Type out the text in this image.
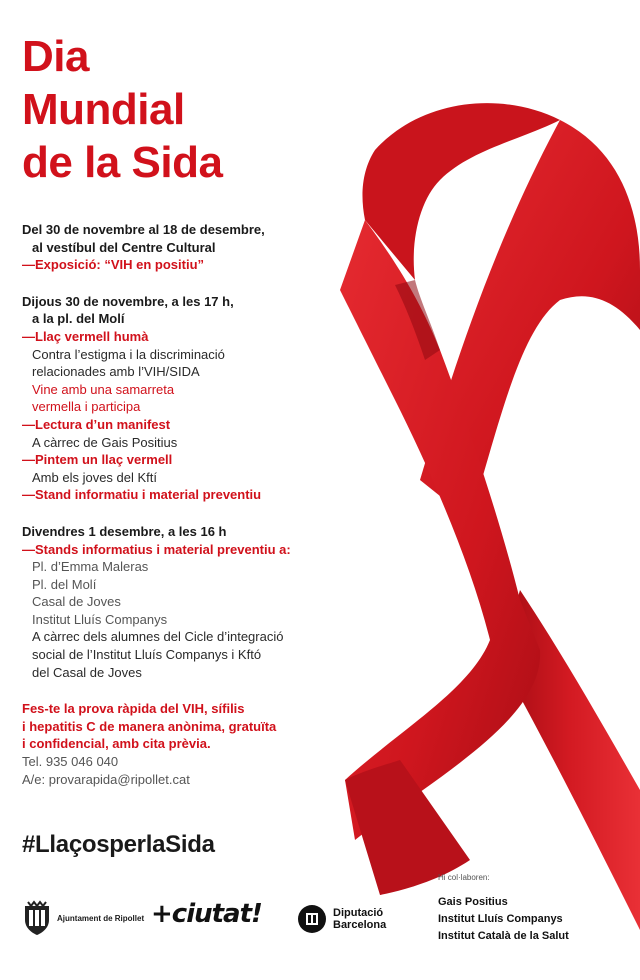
Dia
Mundial
de la Sida

Del 30 de novembre al 18 de desembre,

al vestíbul del Centre Cultural

—Exposició: “VIH en positiu”

Dijous 30 de novembre, a les 17 h,

a la pl. del Molí

—Llaç vermell humà

Contra l’estigma i la discriminació

relacionades amb l’VIH/SIDA

Vine amb una samarreta

vermella i participa

—Lectura d’un manifest

A càrrec de Gais Positius

—Pintem un llaç vermell

Amb els joves del Kftí

—Stand informatiu i material preventiu

Divendres 1 desembre, a les 16 h

—Stands informatius i material preventiu a:

Pl. d’Emma Maleras

Pl. del Molí

Casal de Joves

Institut Lluís Companys

A càrrec dels alumnes del Cicle d’integració

social de l’Institut Lluís Companys i Kftó

del Casal de Joves

Fes-te la prova ràpida del VIH, sífilis

i hepatitis C de manera anònima, gratuïta

i confidencial, amb cita prèvia.

Tel. 935 046 040

A/e: provarapida@ripollet.cat

#LlaçosperlaSida

Ajuntament de Ripollet +ciutat!	Diputació
Barcelona
Hi col·laboren:

Gais Positius

Institut Lluís Companys

Institut Català de la Salut
